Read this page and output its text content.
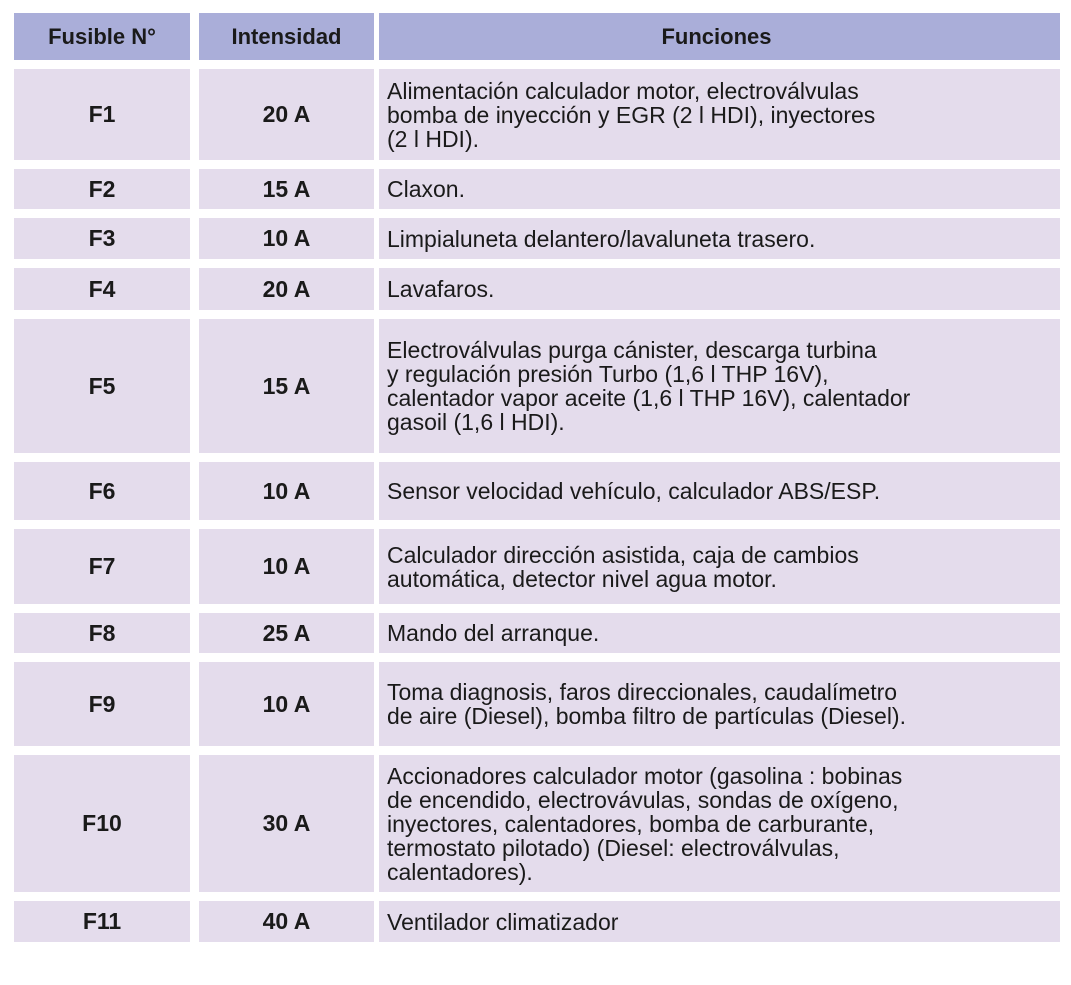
Fusible N°	Intensidad	Funciones
F1	20 A
Alimentación calculador motor, electroválvulas
bomba de inyección y EGR (2 l HDI), inyectores
(2 l HDI).
F2	15 A	Claxon.
F3	10 A	Limpialuneta delantero/lavaluneta trasero.
F4	20 A	Lavafaros.
F5	15 A
Electroválvulas purga cánister, descarga turbina
y regulación presión Turbo (1,6 l THP 16V),
calentador vapor aceite (1,6 l THP 16V), calentador
gasoil (1,6 l HDI).
F6	10 A	Sensor velocidad vehículo, calculador ABS/ESP.
F7	10 A	Calculador dirección asistida, caja de cambios
automática, detector nivel agua motor.
F8	25 A	Mando del arranque.
F9	10 A	Toma diagnosis, faros direccionales, caudalímetro
de aire (Diesel), bomba filtro de partículas (Diesel).
F10	30 A
Accionadores calculador motor (gasolina : bobinas
de encendido, electrovávulas, sondas de oxígeno,
inyectores, calentadores, bomba de carburante,
termostato pilotado) (Diesel: electroválvulas,
calentadores).
F11	40 A	Ventilador climatizador
